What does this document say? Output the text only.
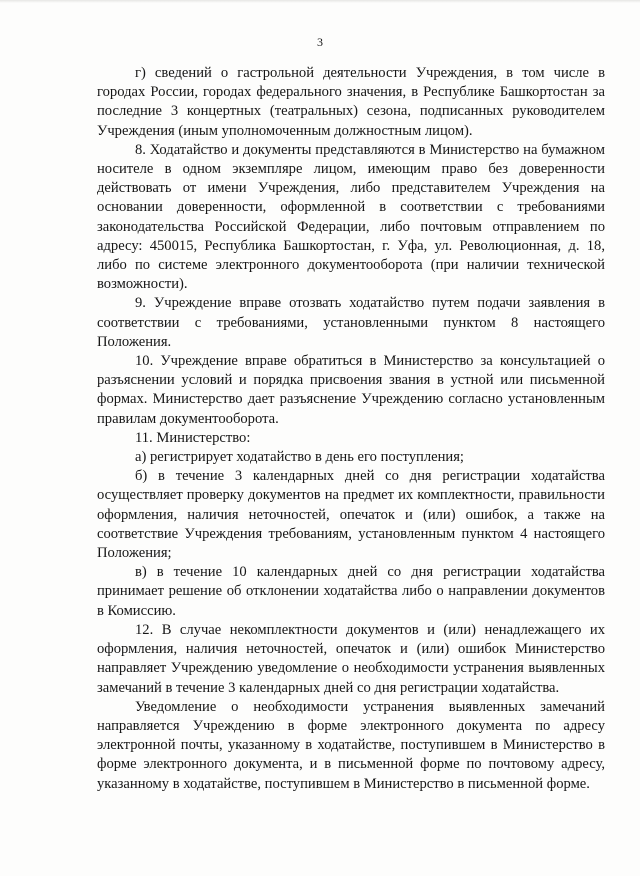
3

г) сведений о гастрольной деятельности Учреждения, в том числе в городах России, городах федерального значения, в Республике Башкортостан за последние 3 концертных (театральных) сезона, подписанных руководителем Учреждения (иным уполномоченным должностным лицом).

8. Ходатайство и документы представляются в Министерство на бумажном носителе в одном экземпляре лицом, имеющим право без доверенности действовать от имени Учреждения, либо представителем Учреждения на основании доверенности, оформленной в соответствии с требованиями законодательства Российской Федерации, либо почтовым отправлением по адресу: 450015, Республика Башкортостан, г. Уфа, ул. Революционная, д. 18, либо по системе электронного документооборота (при наличии технической возможности).

9. Учреждение вправе отозвать ходатайство путем подачи заявления в соответствии с требованиями, установленными пунктом 8 настоящего Положения.

10. Учреждение вправе обратиться в Министерство за консультацией о разъяснении условий и порядка присвоения звания в устной или письменной формах. Министерство дает разъяснение Учреждению согласно установленным правилам документооборота.

11. Министерство:

а) регистрирует ходатайство в день его поступления;

б) в течение 3 календарных дней со дня регистрации ходатайства осуществляет проверку документов на предмет их комплектности, правильности оформления, наличия неточностей, опечаток и (или) ошибок, а также на соответствие Учреждения требованиям, установленным пунктом 4 настоящего Положения;

в) в течение 10 календарных дней со дня регистрации ходатайства принимает решение об отклонении ходатайства либо о направлении документов в Комиссию.

12. В случае некомплектности документов и (или) ненадлежащего их оформления, наличия неточностей, опечаток и (или) ошибок Министерство направляет Учреждению уведомление о необходимости устранения выявленных замечаний в течение 3 календарных дней со дня регистрации ходатайства.

Уведомление о необходимости устранения выявленных замечаний направляется Учреждению в форме электронного документа по адресу электронной почты, указанному в ходатайстве, поступившем в Министерство в форме электронного документа, и в письменной форме по почтовому адресу, указанному в ходатайстве, поступившем в Министерство в письменной форме.
